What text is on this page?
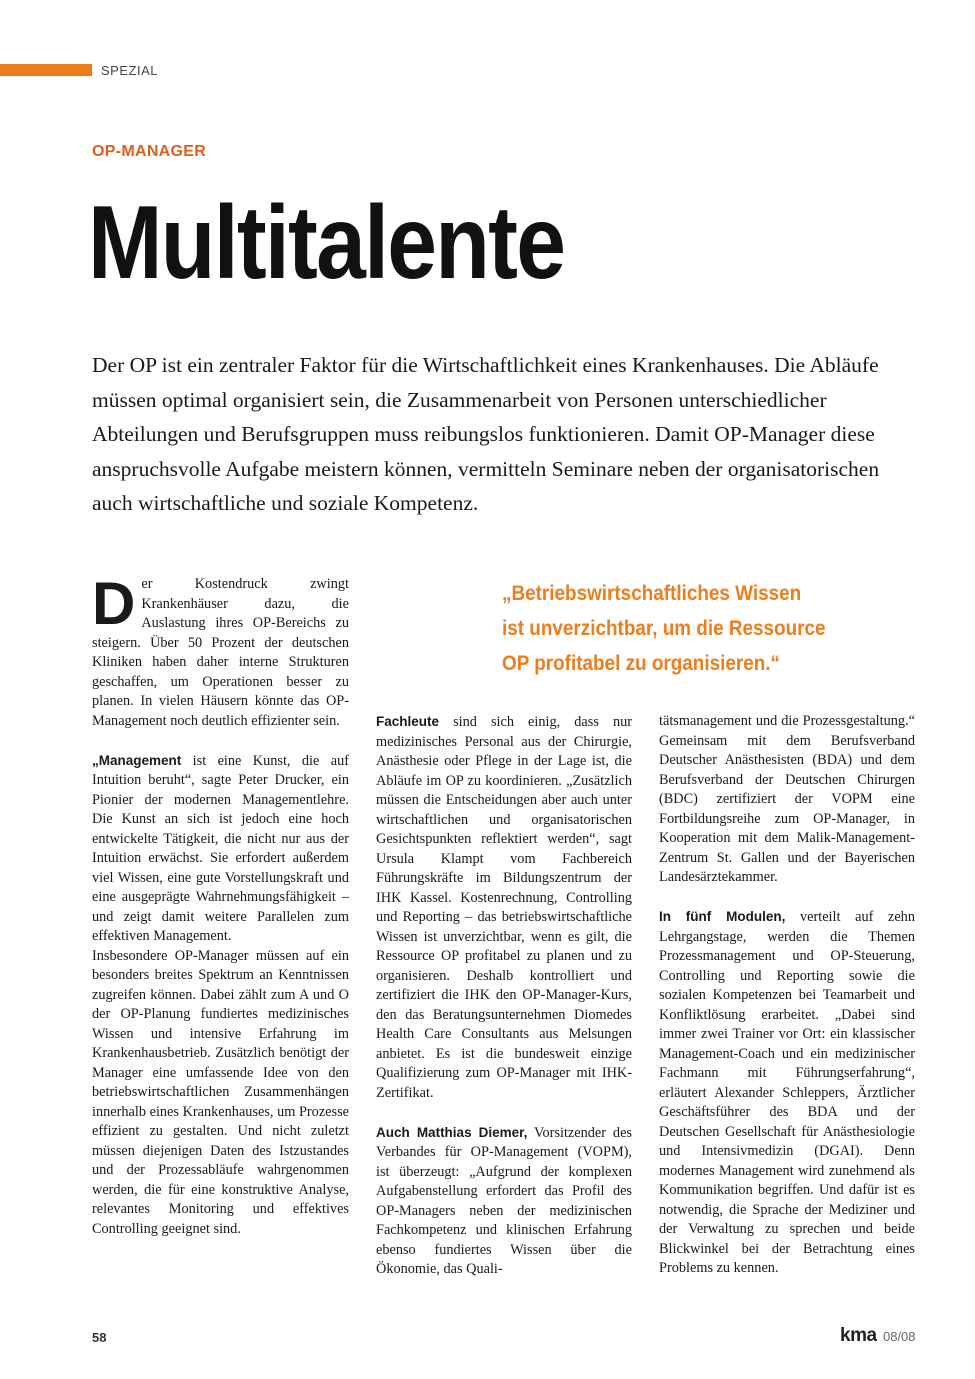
SPEZIAL
OP-MANAGER
Multitalente

Der OP ist ein zentraler Faktor für die Wirtschaftlichkeit eines Krankenhauses. Die Abläufe müssen optimal organisiert sein, die Zusammenarbeit von Personen unterschiedlicher Abteilungen und Berufsgruppen muss reibungslos funktionieren. Damit OP-Manager diese anspruchsvolle Aufgabe meistern können, vermitteln Seminare neben der organisatorischen auch wirtschaftliche und soziale Kompetenz.

Der Kostendruck zwingt Krankenhäuser dazu, die Auslastung ihres OP-Bereichs zu steigern. Über 50 Prozent der deutschen Kliniken haben daher interne Strukturen geschaffen, um Operationen besser zu planen. In vielen Häusern könnte das OP-Management noch deutlich effizienter sein.

„Management ist eine Kunst, die auf Intuition beruht“, sagte Peter Drucker, ein Pionier der modernen Managementlehre. Die Kunst an sich ist jedoch eine hoch entwickelte Tätigkeit, die nicht nur aus der Intuition erwächst. Sie erfordert außerdem viel Wissen, eine gute Vorstellungskraft und eine ausgeprägte Wahrnehmungsfähigkeit – und zeigt damit weitere Parallelen zum effektiven Management.

Insbesondere OP-Manager müssen auf ein besonders breites Spektrum an Kenntnissen zugreifen können. Dabei zählt zum A und O der OP-Planung fundiertes medizinisches Wissen und intensive Erfahrung im Krankenhausbetrieb. Zusätzlich benötigt der Manager eine umfassende Idee von den betriebswirtschaftlichen Zusammenhängen innerhalb eines Krankenhauses, um Prozesse effizient zu gestalten. Und nicht zuletzt müssen diejenigen Daten des Istzustandes und der Prozessabläufe wahrgenommen werden, die für eine konstruktive Analyse, relevantes Monitoring und effektives Controlling geeignet sind.

„Betriebswirtschaftliches Wissen
ist unverzichtbar, um die Ressource
OP profitabel zu organisieren.“

Fachleute sind sich einig, dass nur medizinisches Personal aus der Chirurgie, Anästhesie oder Pflege in der Lage ist, die Abläufe im OP zu koordinieren. „Zusätzlich müssen die Entscheidungen aber auch unter wirtschaftlichen und organisatorischen Gesichtspunkten reflektiert werden“, sagt Ursula Klampt vom Fachbereich Führungskräfte im Bildungszentrum der IHK Kassel. Kostenrechnung, Controlling und Reporting – das betriebswirtschaftliche Wissen ist unverzichtbar, wenn es gilt, die Ressource OP profitabel zu planen und zu organisieren. Deshalb kontrolliert und zertifiziert die IHK den OP-Manager-Kurs, den das Beratungsunternehmen Diomedes Health Care Consultants aus Melsungen anbietet. Es ist die bundesweit einzige Qualifizierung zum OP-Manager mit IHK-Zertifikat.

Auch Matthias Diemer, Vorsitzender des Verbandes für OP-Management (VOPM), ist überzeugt: „Aufgrund der komplexen Aufgabenstellung erfordert das Profil des OP-Managers neben der medizinischen Fachkompetenz und klinischen Erfahrung ebenso fundiertes Wissen über die Ökonomie, das Quali-

tätsmanagement und die Prozessgestaltung.“ Gemeinsam mit dem Berufsverband Deutscher Anästhesisten (BDA) und dem Berufsverband der Deutschen Chirurgen (BDC) zertifiziert der VOPM eine Fortbildungsreihe zum OP-Manager, in Kooperation mit dem Malik-Management-Zentrum St. Gallen und der Bayerischen Landesärztekammer.

In fünf Modulen, verteilt auf zehn Lehrgangstage, werden die Themen Prozessmanagement und OP-Steuerung, Controlling und Reporting sowie die sozialen Kompetenzen bei Teamarbeit und Konfliktlösung erarbeitet. „Dabei sind immer zwei Trainer vor Ort: ein klassischer Management-Coach und ein medizinischer Fachmann mit Führungserfahrung“, erläutert Alexander Schleppers, Ärztlicher Geschäftsführer des BDA und der Deutschen Gesellschaft für Anästhesiologie und Intensivmedizin (DGAI). Denn modernes Management wird zunehmend als Kommunikation begriffen. Und dafür ist es notwendig, die Sprache der Mediziner und der Verwaltung zu sprechen und beide Blickwinkel bei der Betrachtung eines Problems zu kennen.

58	kma 08/08
